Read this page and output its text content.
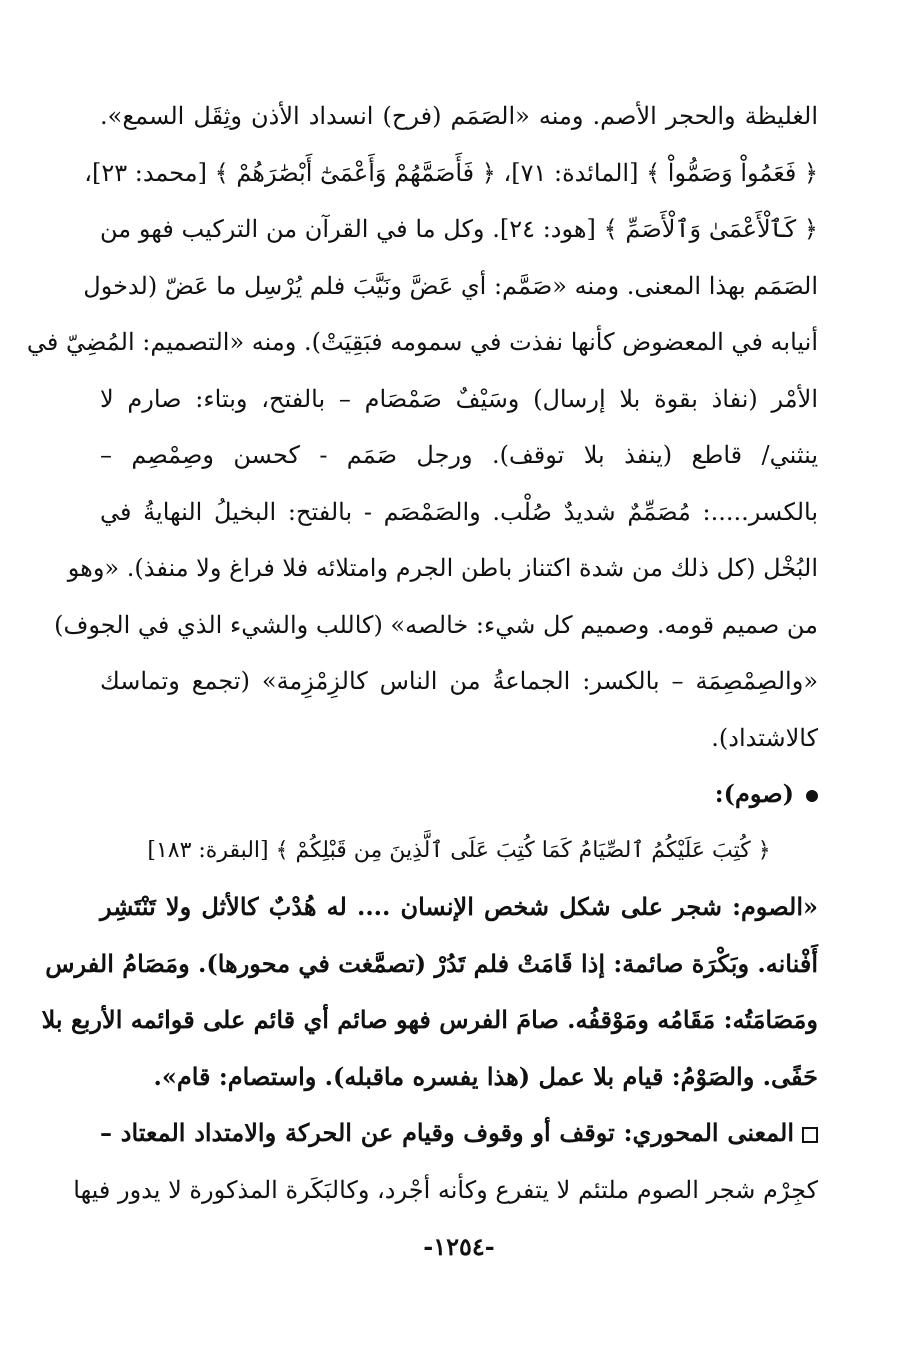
الغليظة والحجر الأصم. ومنه «الصَمَم (فرح) انسداد الأذن وثِقَل السمع».
﴿ فَعَمُواْ وَصَمُّواْ ﴾ [المائدة: ٧١]، ﴿ فَأَصَمَّهُمْ وَأَعْمَىٰٓ أَبْصَٰرَهُمْ ﴾ [محمد: ٢٣]،
﴿ كَٱلْأَعْمَىٰ وَٱلْأَصَمِّ ﴾ [هود: ٢٤]. وكل ما في القرآن من التركيب فهو من
الصَمَم بهذا المعنى. ومنه «صَمَّم: أي عَضَّ ونَيَّبَ فلم يُرْسِل ما عَضّ (لدخول
أنيابه في المعضوض كأنها نفذت في سمومه فبَقِيَتْ). ومنه «التصميم: المُضِيّ في
الأمْر (نفاذ بقوة بلا إرسال) وسَيْفٌ صَمْصَام – بالفتح، وبتاء: صارم لا
ينثني/ قاطع (ينفذ بلا توقف). ورجل صَمَم - كحسن وصِمْصِم –
بالكسر.....: مُصَمِّمٌ شديدٌ صُلْب. والصَمْصَم - بالفتح: البخيلُ النهايةُ في
البُخْل (كل ذلك من شدة اكتناز باطن الجرم وامتلائه فلا فراغ ولا منفذ). «وهو
من صميم قومه. وصميم كل شيء: خالصه» (كاللب والشيء الذي في الجوف)
«والصِمْصِمَة – بالكسر: الجماعةُ من الناس كالزِمْزِمة» (تجمع وتماسك
كالاشتداد).
(صوم):
﴿ كُتِبَ عَلَيْكُمُ ٱلصِّيَامُ كَمَا كُتِبَ عَلَى ٱلَّذِينَ مِن قَبْلِكُمْ ﴾ [البقرة: ١٨٣]
«الصوم: شجر على شكل شخص الإنسان .... له هُدْبٌ كالأثل ولا تَنْتَشِر
أَفْنانه. وبَكْرَة صائمة: إذا قَامَتْ فلم تَدُرْ (تصمَّغت في محورها). ومَصَامُ الفرس
ومَصَامَتُه: مَقَامُه ومَوْقفُه. صامَ الفرس فهو صائم أي قائم على قوائمه الأربع بلا
حَفًى. والصَوْمُ: قيام بلا عمل (هذا يفسره ماقبله). واستصام: قام».
المعنى المحوري: توقف أو وقوف وقيام عن الحركة والامتداد المعتاد –
كجِرْم شجر الصوم ملتئم لا يتفرع وكأنه أجْرد، وكالبَكَرة المذكورة لا يدور فيها
-١٢٥٤-
